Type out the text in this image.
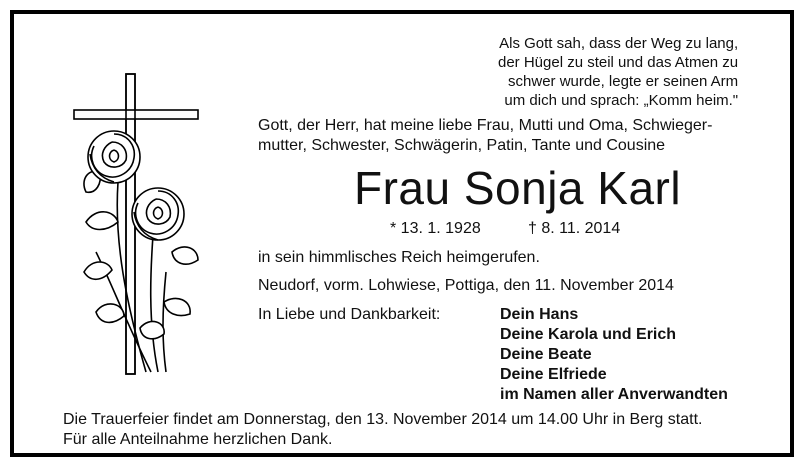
Als Gott sah, dass der Weg zu lang,
der Hügel zu steil und das Atmen zu
schwer wurde, legte er seinen Arm
um dich und sprach: „Komm heim."
Gott, der Herr, hat meine liebe Frau, Mutti und Oma, Schwieger-
mutter, Schwester, Schwägerin, Patin, Tante und Cousine
Frau Sonja Karl
* 13. 1. 1928	† 8. 11. 2014
in sein himmlisches Reich heimgerufen.
Neudorf, vorm. Lohwiese, Pottiga, den 11. November 2014
In Liebe und Dankbarkeit:	Dein Hans
Deine Karola und Erich
Deine Beate
Deine Elfriede
im Namen aller Anverwandten
Die Trauerfeier findet am Donnerstag, den 13. November 2014 um 14.00 Uhr in Berg statt.
Für alle Anteilnahme herzlichen Dank.
